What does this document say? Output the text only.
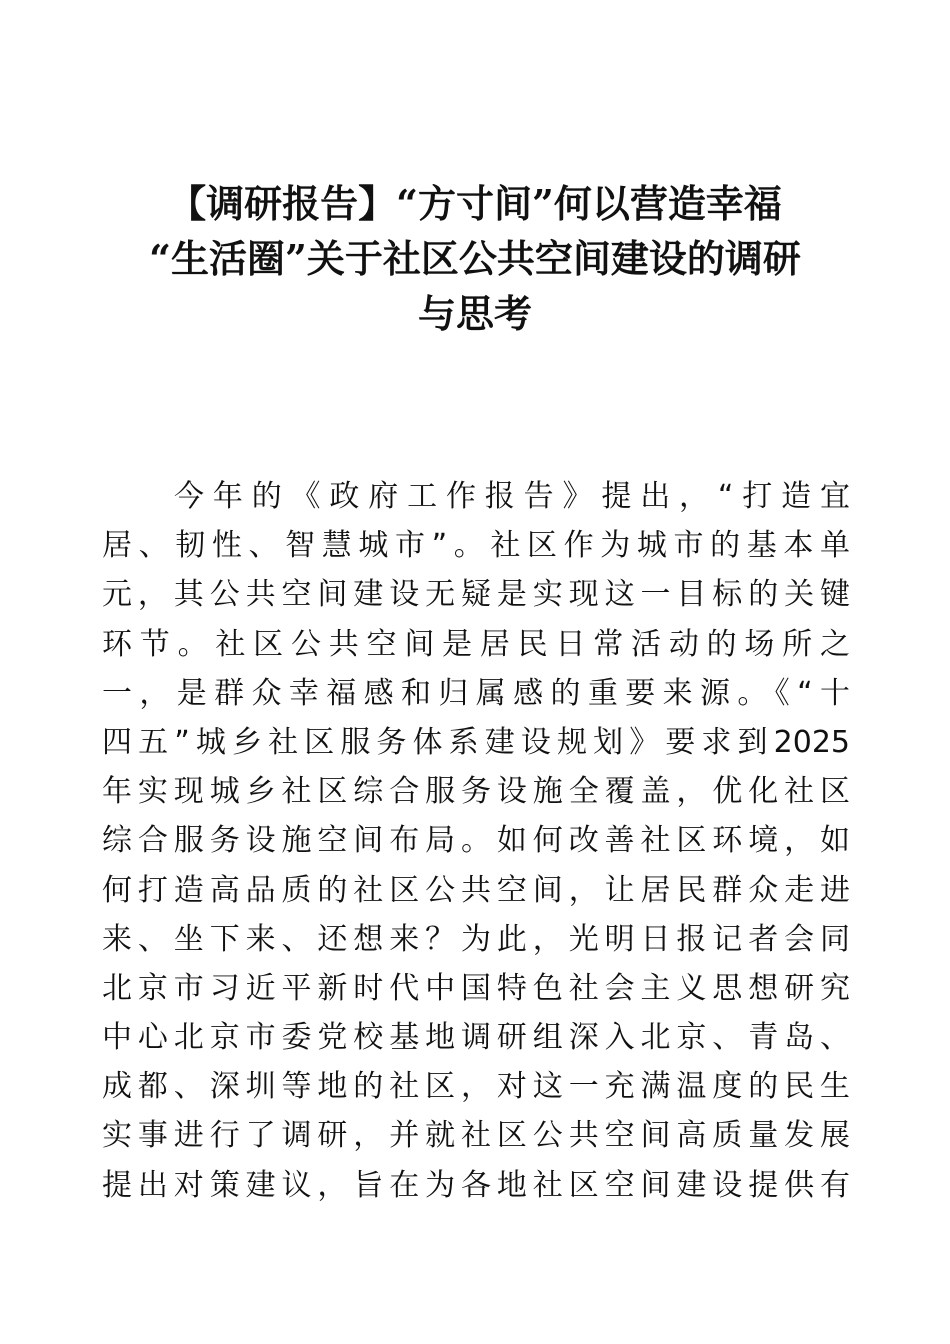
【调研报告】“方寸间”何以营造幸福
“生活圈”关于社区公共空间建设的调研
与思考
今年的《政府工作报告》提出，“打造宜
居、韧性、智慧城市”。社区作为城市的基本单
元，其公共空间建设无疑是实现这一目标的关键
环节。社区公共空间是居民日常活动的场所之
一，是群众幸福感和归属感的重要来源。《“十
四五”城乡社区服务体系建设规划》要求到2025
年实现城乡社区综合服务设施全覆盖，优化社区
综合服务设施空间布局。如何改善社区环境，如
何打造高品质的社区公共空间，让居民群众走进
来、坐下来、还想来？为此，光明日报记者会同
北京市习近平新时代中国特色社会主义思想研究
中心北京市委党校基地调研组深入北京、青岛、
成都、深圳等地的社区，对这一充满温度的民生
实事进行了调研，并就社区公共空间高质量发展
提出对策建议，旨在为各地社区空间建设提供有
